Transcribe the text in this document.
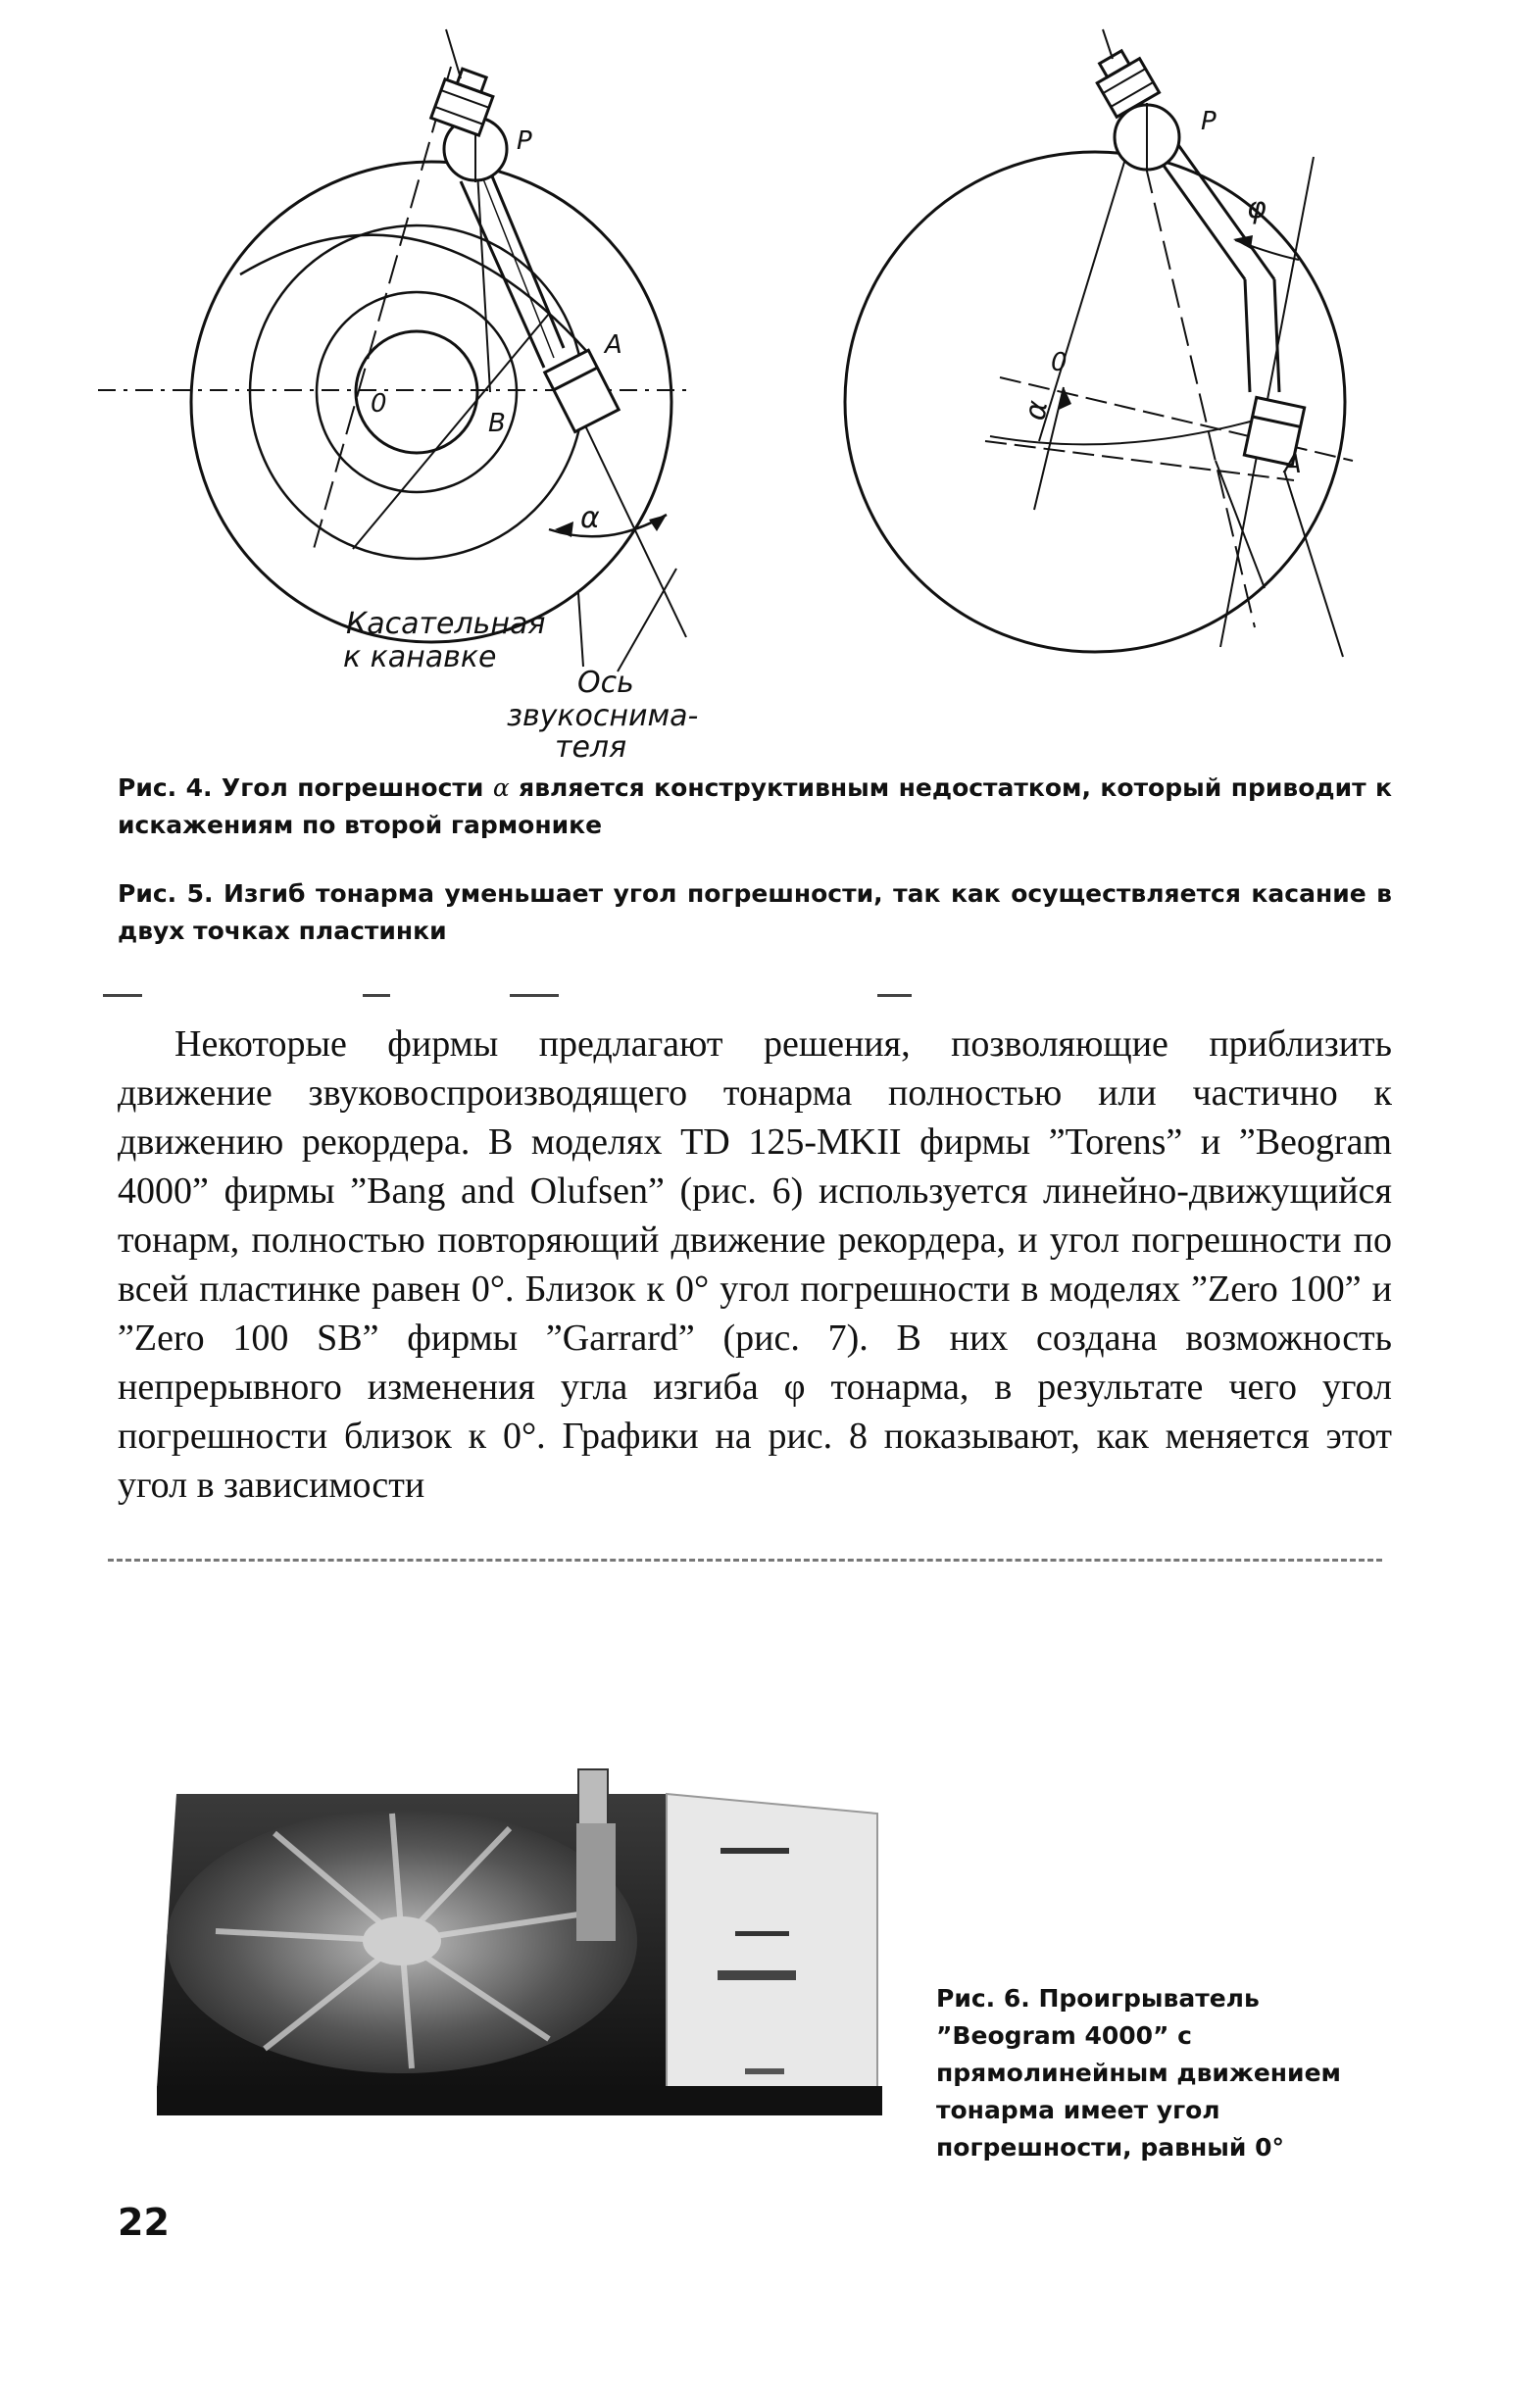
P
A
0
B
α
Касательная
к канавке
Ось
звукоснима-
теля
P
φ
0
α
A
Рис. 4. Угол погрешности α является конструктивным недостатком, который приводит к искажениям по второй гармонике
Рис. 5. Изгиб тонарма уменьшает угол погрешности, так как осуществляется касание в двух точках пластинки
Некоторые фирмы предлагают решения, позволяющие приблизить движение звуковоспроизводящего тонарма полностью или частично к движению рекордера. В моделях TD 125-MKII фирмы ”Torens” и ”Beogram 4000” фирмы ”Bang and Olufsen” (рис. 6) используется линейно-движущийся тонарм, полностью повторяющий движение рекордера, и угол погрешности по всей пластинке равен 0°. Близок к 0° угол погрешности в моделях ”Zero 100” и ”Zero 100 SB” фирмы ”Garrard” (рис. 7). В них создана возможность непрерывного изменения угла изгиба φ тонарма, в результате чего угол погрешности близок к 0°. Графики на рис. 8 показывают, как меняется этот угол в зависимости
Рис. 6. Проигрыватель ”Beogram 4000” с прямолинейным движением тонарма имеет угол погрешности, равный 0°
22
